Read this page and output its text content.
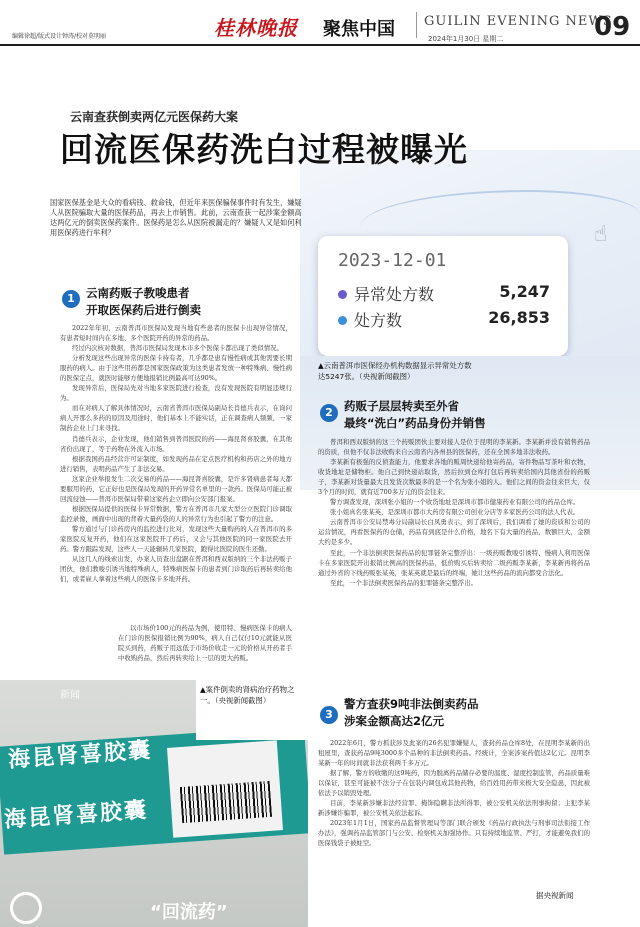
编辑徐超/版式设计钟涛/校对莫明丽	桂林晚报 聚焦中国 GUILIN EVENING NEWS
2024年1月30日 星期二	09
☝
2023-12-01
异常处方数	5,247
处方数	26,853
云南查获倒卖两亿元医保药大案
回流医保药洗白过程被曝光
国家医保基金是大众的看病钱、救命钱，但近年来医保骗保事件时有发生，嫌疑人从医院骗取大量的医保药品，再去上市销售。此前，云南查获一起涉案金额高达两亿元的倒卖医保药案件。医保药是怎么从医院被漏走的？嫌疑人又是如何利用医保药进行牟利？
1 云南药贩子教唆患者
开取医保药后进行倒卖

2022年年初，云南普洱市医保局发现当地有些患者的医保卡出现异常情况，有患者短时间内在多地、多个医院开药的异常的药品。

经过内次核对数据，普洱市医保局发现本市多个医保卡都出现了类似情况。

分析发现这些出现异常的医保卡持有者，几乎都是患有慢性病或其他需要长期服药的病人。由于这些用药都是国家医保政策为这类患者发放一种特殊病、慢性病的医保定点，就医时能够方便地报销比例最高可达90%。

发现异常后，医保局先对当地多家医院进行检查，没有发现医院有明显违规行为。

而在对病人了解具体情况时，云南省普洱市医保局副局长肖德兵表示，在询问病人开那么多药的原因及用途时，他们基本上不能实话，正在调查病人频频，一家制药企业上门来寻找。

肖德兵表示，企业发现，他们销售到普洱医院的药——海昆肾喜胶囊，在其他省份出现了，等于药物在外流入市场。

根据我国药品经营许可证制度，如发现药品在定点医疗机构和药店之外的地方进行销售，表明药品产生了非法交易。

这家企业举报发生二次交易的药品——海昆肾喜胶囊，是许多肾病患者每天都要服用的药，它正好也是医保局发现的开药异常名单里的一款药。医保局可能正被回流侵蚀——普洱市医保局带着这家药企立即向公安部门报案。

根据医保局提供的医保卡异常数据，警方在普洱市几家大型公立医院门诊调取监控录像，画面中出现的背着大量药袋的人的异常行为也引起了警方的注意。

警方通过与门诊药房内的监控进行比对，发现这些大量购药的人在普洱市的多家医院反复开药，他们在这家医院开了药后，又会与其他医院的同一家医院去开药。警方跟踪发现，这些人一天能辗转几家医院，跑得比医院的医生还勤。

从这几人的线索出发，办案人员查出盘踞在普洱和西双版纳的三个非法药贩子团伙，他们教唆引诱当地特殊病人，特殊病医保卡的患者到门诊取药后再转卖给他们，或者雇人拿着这些病人的医保卡多地开药。

以市场价100元的药品为例，使用特、慢病医保卡的病人在门诊的医保报销比例为90%，病人自己仅付10元就能从医院买到药，药贩子用远低于市场价收走一元的价格从开药者手中收购药品，然后再转卖给上一层的更大药贩。

海昆肾喜胶囊
海昆肾喜胶囊
新闻
“回流药”
▲案件倒卖的肾病治疗药物之一。（央视新闻截图）
▲云南普洱市医保经办机构数据显示异常处方数达5247张。（央视新闻截图）
2 药贩子层层转卖至外省
最终“洗白”药品身份并销售

普洱和西双版纳的这三个药贩团伙主要对接人是位于昆明的李某新。李某新并没有销售药品的资质，但他不仅非法收购来自云南省内各州县的医保药，还在全国多地非法收药。

李某新有极强的反侦查能力，他要求各地的贩周快递给他寄药品，寄件物品写茶叶和衣物，收货地址是储物柜。他自己到快递站取货，然后拉到仓库打包后再转卖给国内其他省份的药贩子，李某新对货量最大且发货次数最多的是一个名为张小姐的人。他们之间的资金往来巨大，仅3个月的时间，就有近700多万元的资金往来。

警方调查发现，深圳张小姐的一个收货地址是深圳市都市健康药业有限公司的药品仓库。

张小姐真名张某英，是深圳市都市大药房有限公司创业分店等多家医药公司的法人代表。

云南普洱市公安局禁毒分局副局长白凤勇表示，到了深圳后，我们调看了她的资质和公司的运营情况，再看医保药的仓储，药品有到底是什么价格，地名下有大量的药品，数额巨大，金额大约是多少。

至此，一个非法倒卖医保药品的犯罪链条完整浮出：一级药贩教唆引诱特、慢病人利用医保卡在多家医院开出报销比例高的医保药品，低价购买后转卖给二级药贩李某新，李某新再将药品通过外省的下线药贩张某英，张某英就是最后的终端，她让这些药品的流向都变合法化。

至此，一个非法倒卖医保药品的犯罪链条完整浮出。

3
警方查获9吨非法倒卖药品
涉案金额高达2亿元

2022年6月，警方抓获涉及此案的26名犯罪嫌疑人，查封药品仓库8处，在昆明李某新的出租屋里，查获药品9吨3000多个品种的非法倒卖药品。经统计，全案涉案药值达2亿元。昆明李某新一年的时间就非法获利两千多万元。

据了解，警方的收缴的这9吨药，因为脱离药品储存必要的温度、湿度控制监管，药品质量难以保证，甚至可能被不法分子在包装内调包成其他药物，给百姓用药带来极大安全隐患，因此被依法予以销毁处理。

目前，李某新涉嫌非法经营罪、掩饰隐瞒非法所得罪，被公安机关依法刑事拘留；主犯李某新涉嫌诈骗罪，被公安机关依法起诉。

2023年1月1日，国家药品监督管理局等部门联合颁发《药品行政执法与刑事司法衔接工作办法》，强调药品监管部门与公安、检察机关加强协作。只有持续地监管、严打，才能避免我们的医保钱袋子被蛀空。

据央视新闻
